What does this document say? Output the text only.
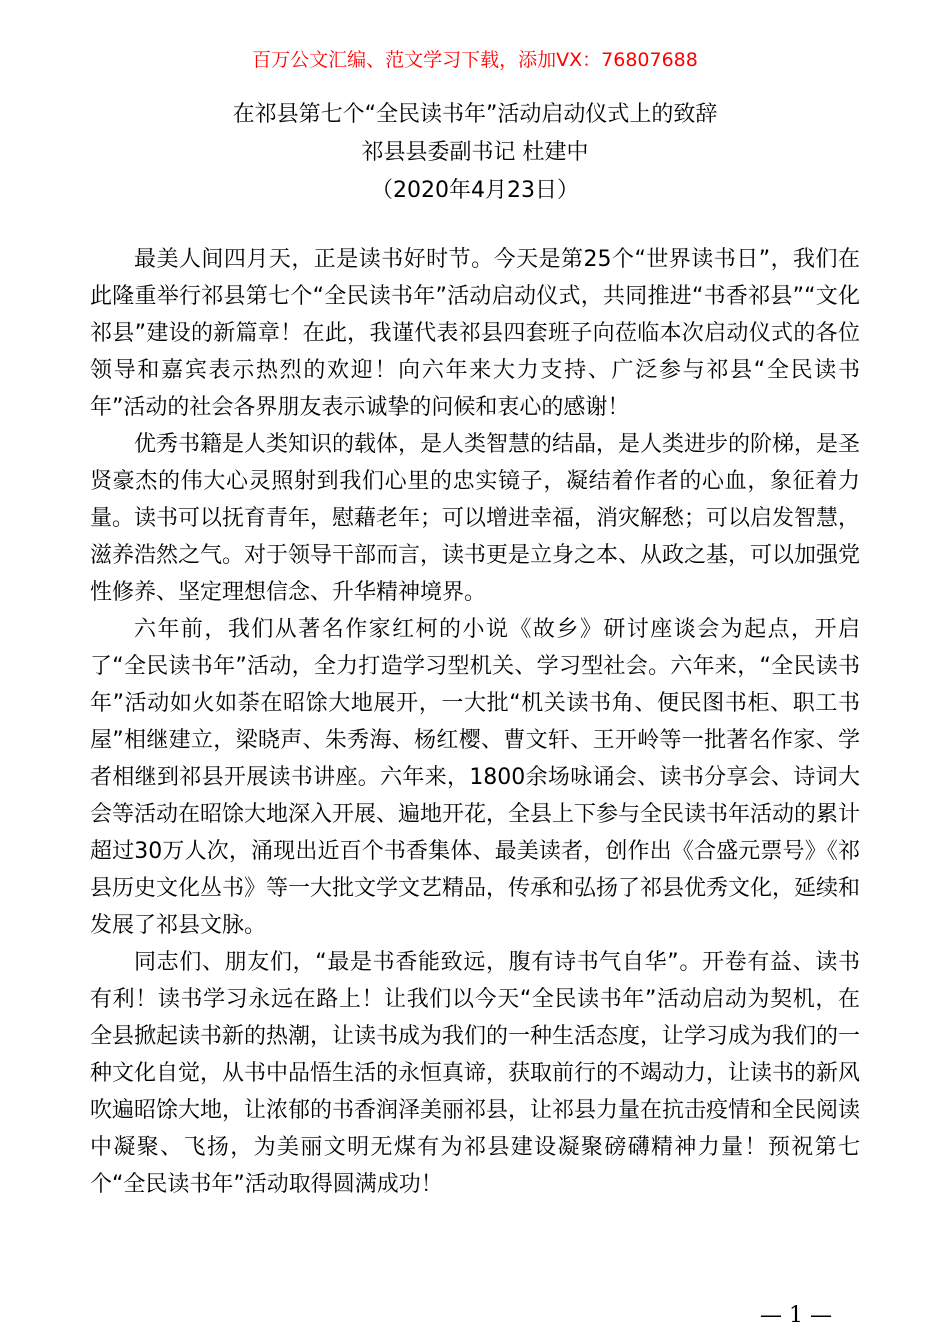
百万公文汇编、范文学习下载，添加VX：76807688
在祁县第七个“全民读书年”活动启动仪式上的致辞
祁县县委副书记 杜建中
（2020年4月23日）

最美人间四月天，正是读书好时节。今天是第25个“世界读书日”，我们在此隆重举行祁县第七个“全民读书年”活动启动仪式，共同推进“书香祁县”“文化祁县”建设的新篇章！在此，我谨代表祁县四套班子向莅临本次启动仪式的各位领导和嘉宾表示热烈的欢迎！向六年来大力支持、广泛参与祁县“全民读书年”活动的社会各界朋友表示诚挚的问候和衷心的感谢！

优秀书籍是人类知识的载体，是人类智慧的结晶，是人类进步的阶梯，是圣贤豪杰的伟大心灵照射到我们心里的忠实镜子，凝结着作者的心血，象征着力量。读书可以抚育青年，慰藉老年；可以增进幸福，消灾解愁；可以启发智慧，滋养浩然之气。对于领导干部而言，读书更是立身之本、从政之基，可以加强党性修养、坚定理想信念、升华精神境界。

六年前，我们从著名作家红柯的小说《故乡》研讨座谈会为起点，开启了“全民读书年”活动，全力打造学习型机关、学习型社会。六年来，“全民读书年”活动如火如荼在昭馀大地展开，一大批“机关读书角、便民图书柜、职工书屋”相继建立，梁晓声、朱秀海、杨红樱、曹文轩、王开岭等一批著名作家、学者相继到祁县开展读书讲座。六年来，1800余场咏诵会、读书分享会、诗词大会等活动在昭馀大地深入开展、遍地开花，全县上下参与全民读书年活动的累计超过30万人次，涌现出近百个书香集体、最美读者，创作出《合盛元票号》《祁县历史文化丛书》等一大批文学文艺精品，传承和弘扬了祁县优秀文化，延续和发展了祁县文脉。

同志们、朋友们，“最是书香能致远，腹有诗书气自华”。开卷有益、读书有利！读书学习永远在路上！让我们以今天“全民读书年”活动启动为契机，在全县掀起读书新的热潮，让读书成为我们的一种生活态度，让学习成为我们的一种文化自觉，从书中品悟生活的永恒真谛，获取前行的不竭动力，让读书的新风吹遍昭馀大地，让浓郁的书香润泽美丽祁县，让祁县力量在抗击疫情和全民阅读中凝聚、飞扬，为美丽文明无煤有为祁县建设凝聚磅礴精神力量！预祝第七个“全民读书年”活动取得圆满成功！

— 1 —
